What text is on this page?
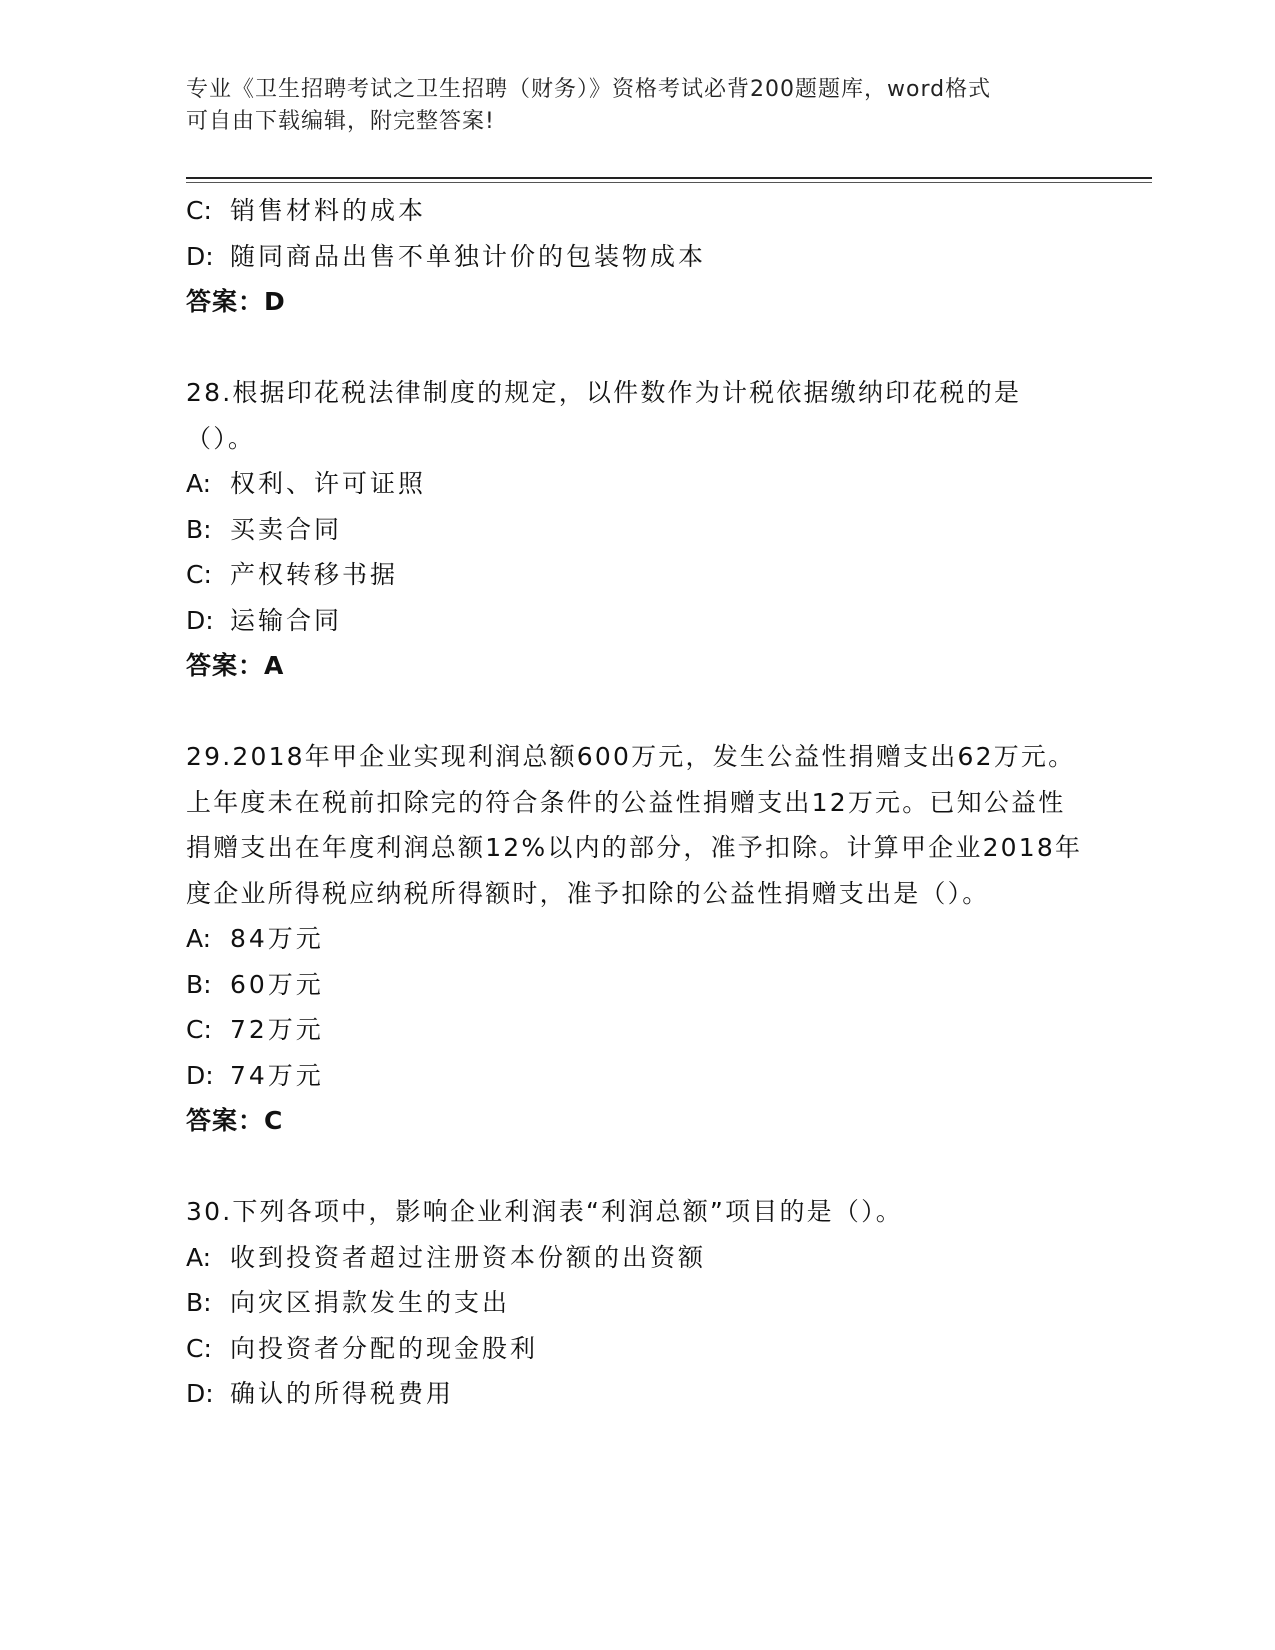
专业《卫生招聘考试之卫生招聘（财务）》资格考试必背200题题库，word格式
可自由下载编辑，附完整答案!
C: 销售材料的成本
D: 随同商品出售不单独计价的包装物成本
答案：D
28.根据印花税法律制度的规定，以件数作为计税依据缴纳印花税的是（）。
A: 权利、许可证照
B: 买卖合同
C: 产权转移书据
D: 运输合同
答案：A
29.2018年甲企业实现利润总额600万元，发生公益性捐赠支出62万元。上年度未在税前扣除完的符合条件的公益性捐赠支出12万元。已知公益性捐赠支出在年度利润总额12%以内的部分，准予扣除。计算甲企业2018年度企业所得税应纳税所得额时，准予扣除的公益性捐赠支出是（）。
A: 84万元
B: 60万元
C: 72万元
D: 74万元
答案：C
30.下列各项中，影响企业利润表“利润总额”项目的是（）。
A: 收到投资者超过注册资本份额的出资额
B: 向灾区捐款发生的支出
C: 向投资者分配的现金股利
D: 确认的所得税费用
